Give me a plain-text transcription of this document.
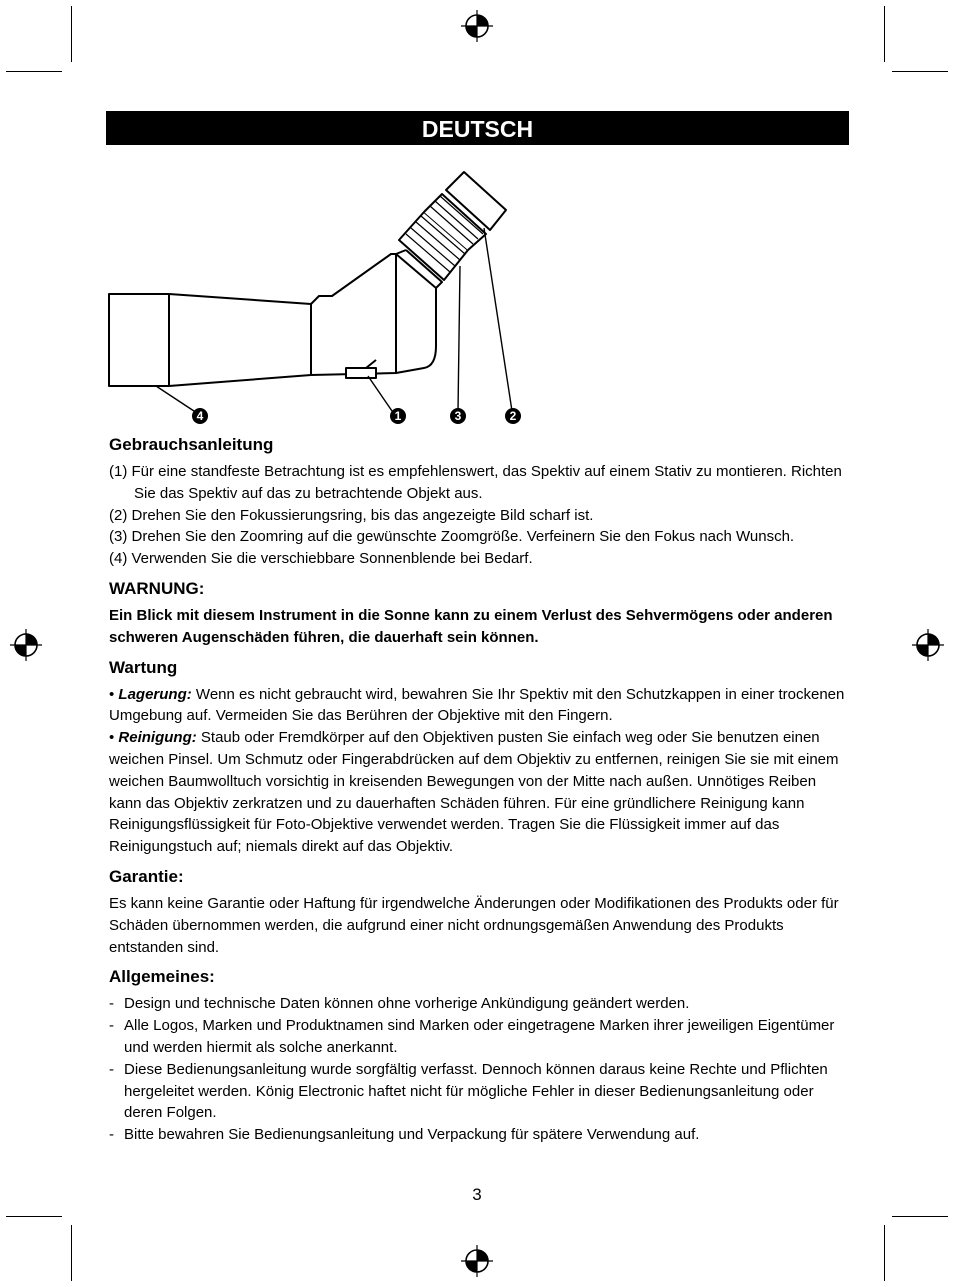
DEUTSCH
4	1	3	2
Gebrauchsanleitung

(1) Für eine standfeste Betrachtung ist es empfehlenswert, das Spektiv auf einem Stativ zu montieren. Richten Sie das Spektiv auf das zu betrachtende Objekt aus.

(2) Drehen Sie den Fokussierungsring, bis das angezeigte Bild scharf ist.

(3) Drehen Sie den Zoomring auf die gewünschte Zoomgröße. Verfeinern Sie den Fokus nach Wunsch.

(4) Verwenden Sie die verschiebbare Sonnenblende bei Bedarf.

WARNUNG:

Ein Blick mit diesem Instrument in die Sonne kann zu einem Verlust des Sehvermögens oder anderen schweren Augenschäden führen, die dauerhaft sein können.

Wartung

• Lagerung: Wenn es nicht gebraucht wird, bewahren Sie Ihr Spektiv mit den Schutzkappen in einer trockenen Umgebung auf. Vermeiden Sie das Berühren der Objektive mit den Fingern.

• Reinigung: Staub oder Fremdkörper auf den Objektiven pusten Sie einfach weg oder Sie benutzen einen weichen Pinsel. Um Schmutz oder Fingerabdrücken auf dem Objektiv zu entfernen, reinigen Sie sie mit einem weichen Baumwolltuch vorsichtig in kreisenden Bewegungen von der Mitte nach außen. Unnötiges Reiben kann das Objektiv zerkratzen und zu dauerhaften Schäden führen. Für eine gründlichere Reinigung kann Reinigungsflüssigkeit für Foto-Objektive verwendet werden. Tragen Sie die Flüssigkeit immer auf das Reinigungstuch auf; niemals direkt auf das Objektiv.

Garantie:

Es kann keine Garantie oder Haftung für irgendwelche Änderungen oder Modifikationen des Produkts oder für Schäden übernommen werden, die aufgrund einer nicht ordnungsgemäßen Anwendung des Produkts entstanden sind.

Allgemeines:

- Design und technische Daten können ohne vorherige Ankündigung geändert werden.

- Alle Logos, Marken und Produktnamen sind Marken oder eingetragene Marken ihrer jeweiligen Eigentümer und werden hiermit als solche anerkannt.

- Diese Bedienungsanleitung wurde sorgfältig verfasst. Dennoch können daraus keine Rechte und Pflichten hergeleitet werden. König Electronic haftet nicht für mögliche Fehler in dieser Bedienungsanleitung oder deren Folgen.

- Bitte bewahren Sie Bedienungsanleitung und Verpackung für spätere Verwendung auf.

3
